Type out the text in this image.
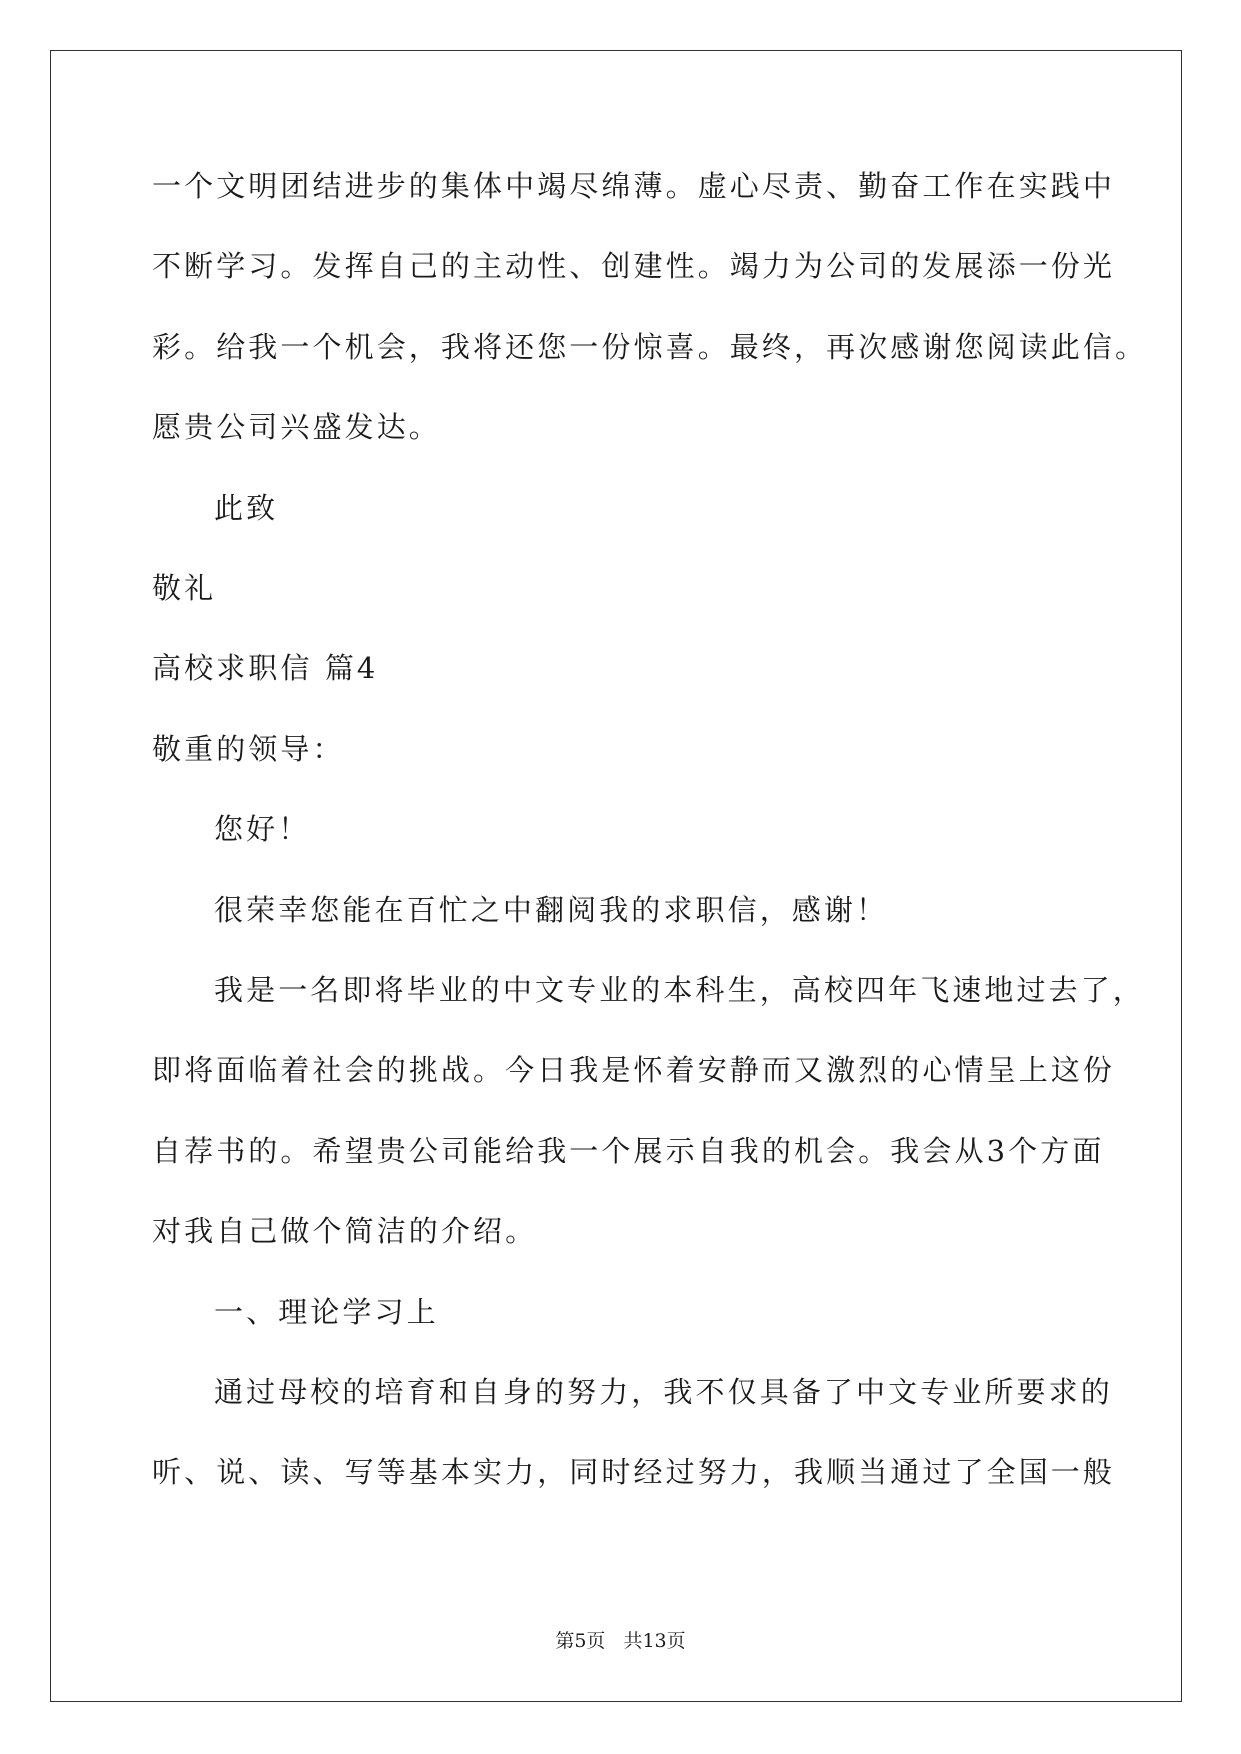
一个文明团结进步的集体中竭尽绵薄。虚心尽责、勤奋工作在实践中
不断学习。发挥自己的主动性、创建性。竭力为公司的发展添一份光
彩。给我一个机会，我将还您一份惊喜。最终，再次感谢您阅读此信。
愿贵公司兴盛发达。
此致
敬礼
高校求职信 篇4
敬重的领导：
您好！
很荣幸您能在百忙之中翻阅我的求职信，感谢！
我是一名即将毕业的中文专业的本科生，高校四年飞速地过去了，
即将面临着社会的挑战。今日我是怀着安静而又激烈的心情呈上这份
自荐书的。希望贵公司能给我一个展示自我的机会。我会从3个方面
对我自己做个简洁的介绍。
一、理论学习上
通过母校的培育和自身的努力，我不仅具备了中文专业所要求的
听、说、读、写等基本实力，同时经过努力，我顺当通过了全国一般
第5页 共13页
